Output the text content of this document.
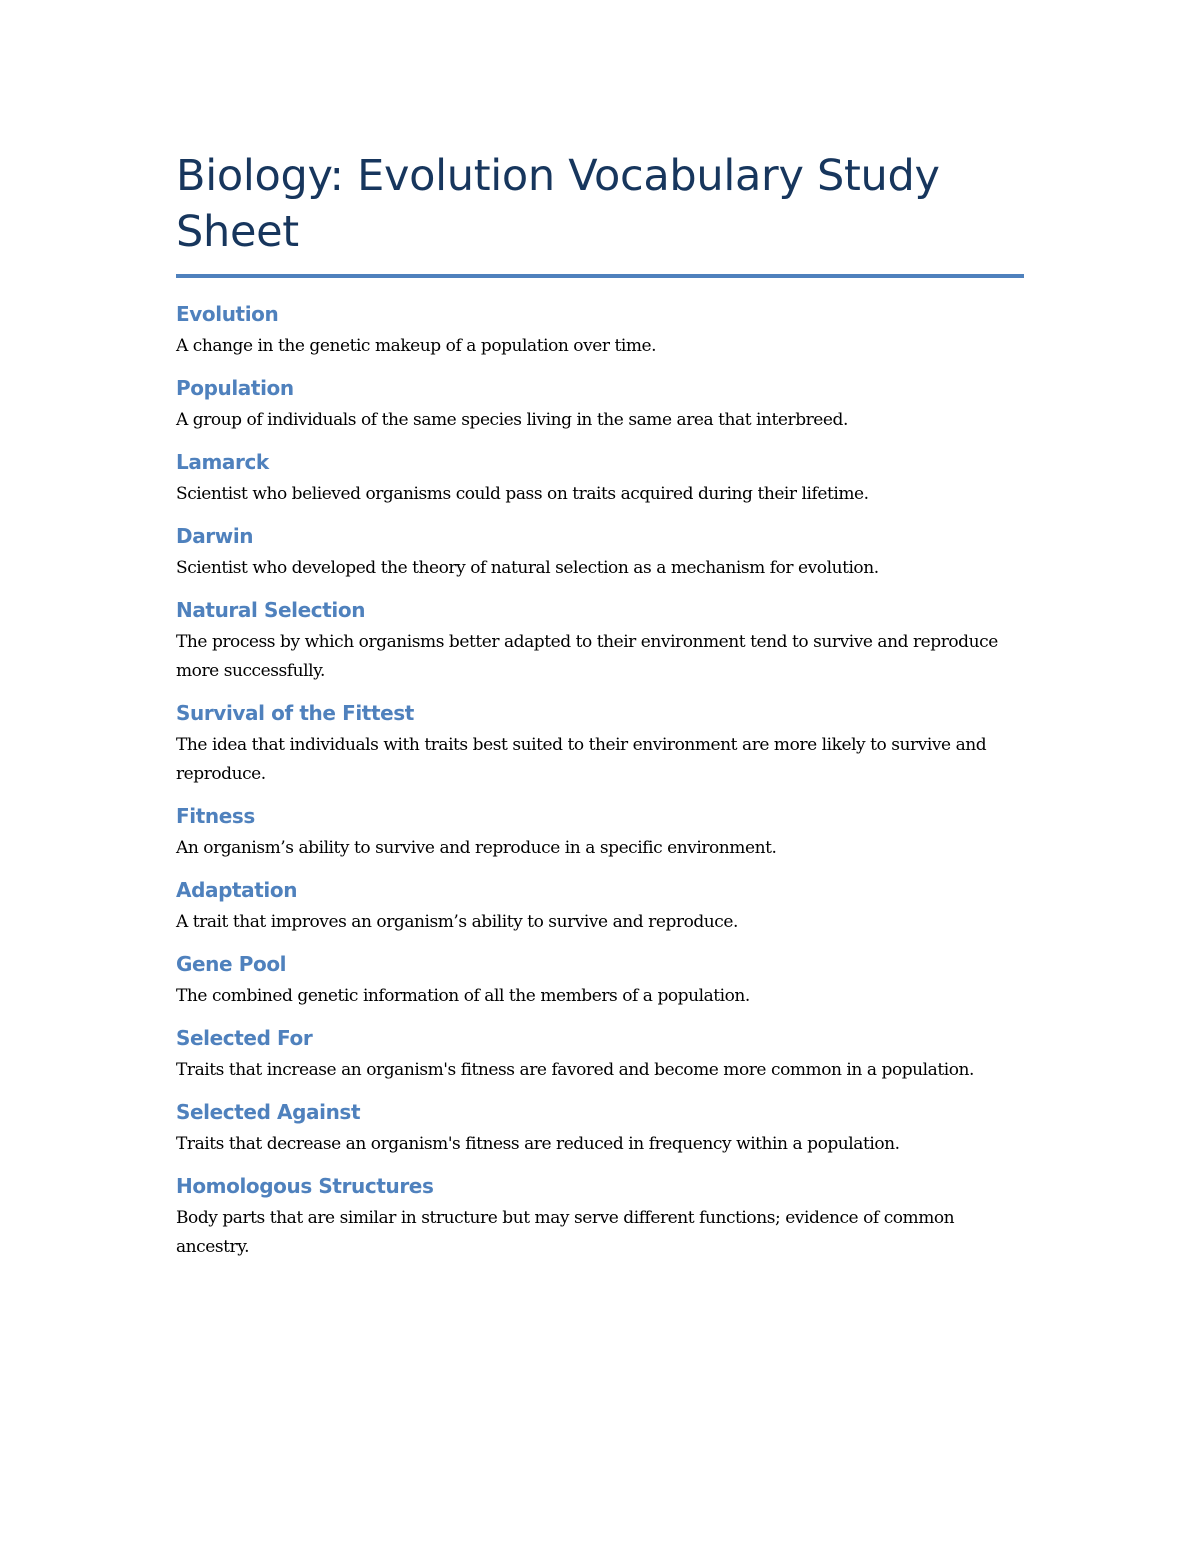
Biology: Evolution Vocabulary Study Sheet
Evolution

A change in the genetic makeup of a population over time.

Population

A group of individuals of the same species living in the same area that interbreed.

Lamarck

Scientist who believed organisms could pass on traits acquired during their lifetime.

Darwin

Scientist who developed the theory of natural selection as a mechanism for evolution.

Natural Selection

The process by which organisms better adapted to their environment tend to survive and reproduce more successfully.

Survival of the Fittest

The idea that individuals with traits best suited to their environment are more likely to survive and reproduce.

Fitness

An organism’s ability to survive and reproduce in a specific environment.

Adaptation

A trait that improves an organism’s ability to survive and reproduce.

Gene Pool

The combined genetic information of all the members of a population.

Selected For

Traits that increase an organism's fitness are favored and become more common in a population.

Selected Against

Traits that decrease an organism's fitness are reduced in frequency within a population.

Homologous Structures

Body parts that are similar in structure but may serve different functions; evidence of common ancestry.
